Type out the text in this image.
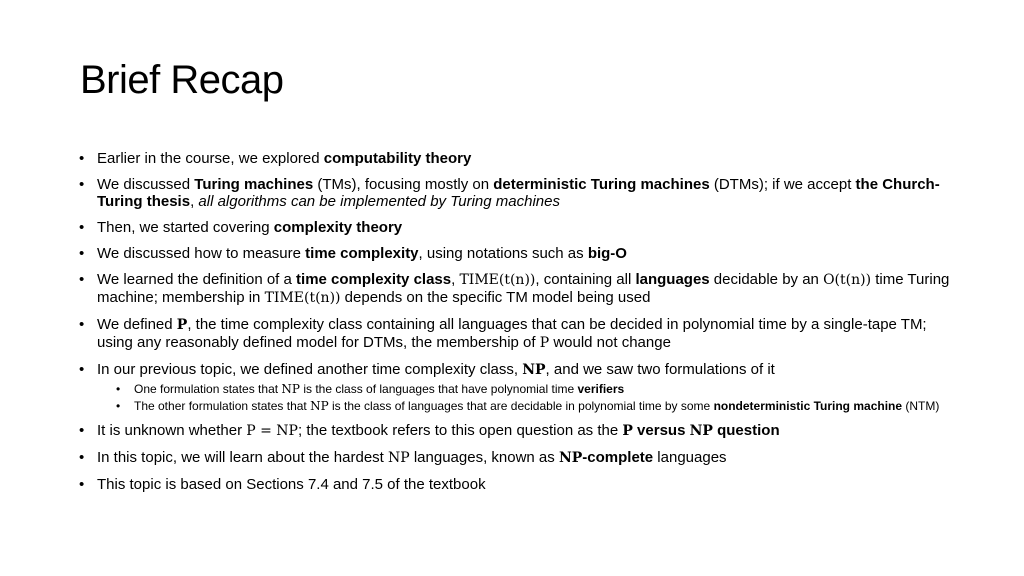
Brief Recap
• Earlier in the course, we explored computability theory
• We discussed Turing machines (TMs), focusing mostly on deterministic Turing machines (DTMs); if we accept the Church-Turing thesis, all algorithms can be implemented by Turing machines
• Then, we started covering complexity theory
• We discussed how to measure time complexity, using notations such as big-O
• We learned the definition of a time complexity class, TIME(t(n)), containing all languages decidable by an O(t(n)) time Turing machine; membership in TIME(t(n)) depends on the specific TM model being used
• We defined P, the time complexity class containing all languages that can be decided in polynomial time by a single-tape TM; using any reasonably defined model for DTMs, the membership of P would not change
• In our previous topic, we defined another time complexity class, NP, and we saw two formulations of it
• One formulation states that NP is the class of languages that have polynomial time verifiers
• The other formulation states that NP is the class of languages that are decidable in polynomial time by some nondeterministic Turing machine (NTM)
• It is unknown whether P = NP; the textbook refers to this open question as the P versus NP question
• In this topic, we will learn about the hardest NP languages, known as NP-complete languages
• This topic is based on Sections 7.4 and 7.5 of the textbook
